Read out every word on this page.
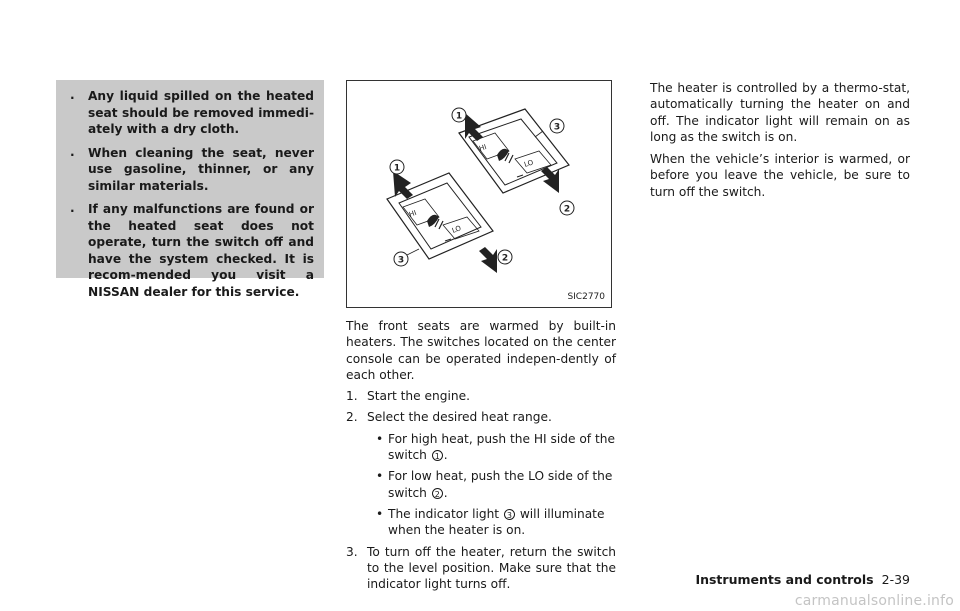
. Any liquid spilled on the heated seat should be removed immedi-ately with a dry cloth.
. When cleaning the seat, never use gasoline, thinner, or any similar materials.
. If any malfunctions are found or the heated seat does not operate, turn the switch off and have the system checked. It is recom-mended you visit a NISSAN dealer for this service.
HI
LO
HI
LO
1
3
2
1
3	2
SIC2770

The front seats are warmed by built-in heaters. The switches located on the center console can be operated indepen-dently of each other.

1. Start the engine.
2. Select the desired heat range.
• For high heat, push the HI side of the switch 1 .
• For low heat, push the LO side of the switch 2 .
• The indicator light 3 will illuminate when the heater is on.
3. To turn off the heater, return the switch to the level position. Make sure that the indicator light turns off.

The heater is controlled by a thermo-stat, automatically turning the heater on and off. The indicator light will remain on as long as the switch is on.

When the vehicle’s interior is warmed, or before you leave the vehicle, be sure to turn off the switch.

Instruments and controls 2-39
carmanualsonline.info
